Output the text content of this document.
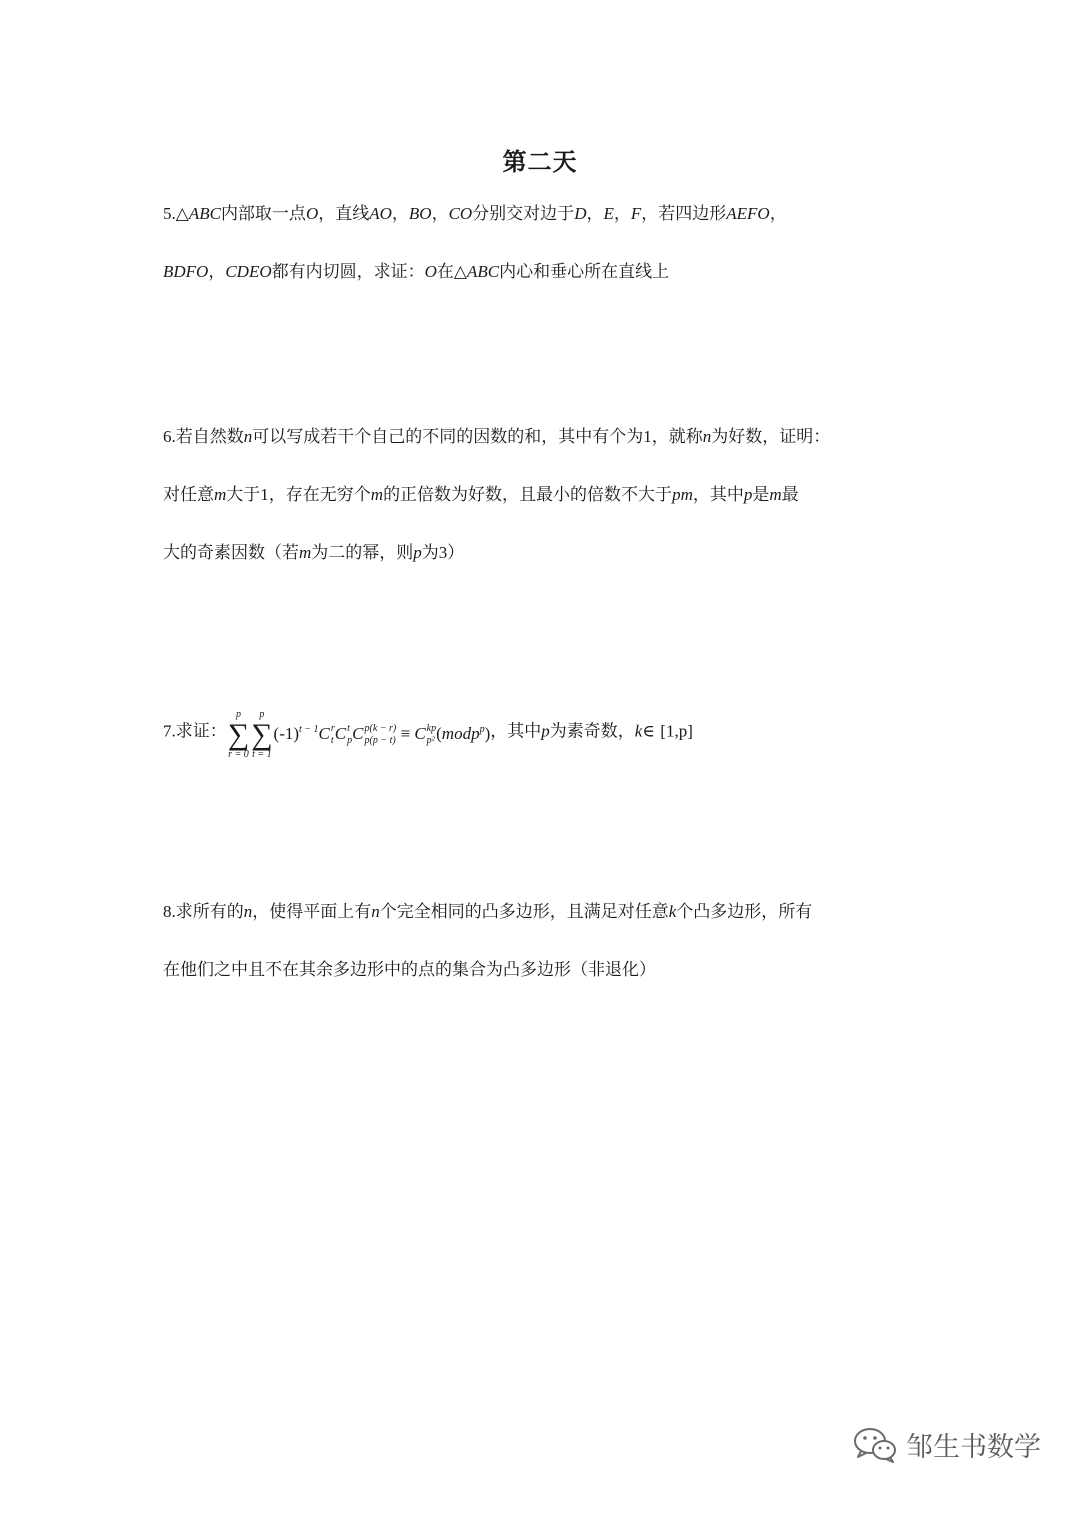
第二天
5.△ABC内部取一点O，直线AO，BO，CO分别交对边于D，E，F，若四边形AEFO，
BDFO，CDEO都有内切圆，求证：O在△ABC内心和垂心所在直线上
6.若自然数n可以写成若干个自己的不同的因数的和，其中有个为1，就称n为好数，证明：
对任意m大于1，存在无穷个m的正倍数为好数，且最小的倍数不大于pm，其中p是m最
大的奇素因数（若m为二的幂，则p为3）
7.求证：
p
∑
r = 0
p
∑
t = 1
$(-1)^{t - 1}C$ r
t C t
p C p(k − r)
p(p − t) ≡ C kp
p² (modp$^p$)，其中p为素奇数，k∈ [1,p]
8.求所有的n，使得平面上有n个完全相同的凸多边形，且满足对任意k个凸多边形，所有
在他们之中且不在其余多边形中的点的集合为凸多边形（非退化）
邹生书数学
